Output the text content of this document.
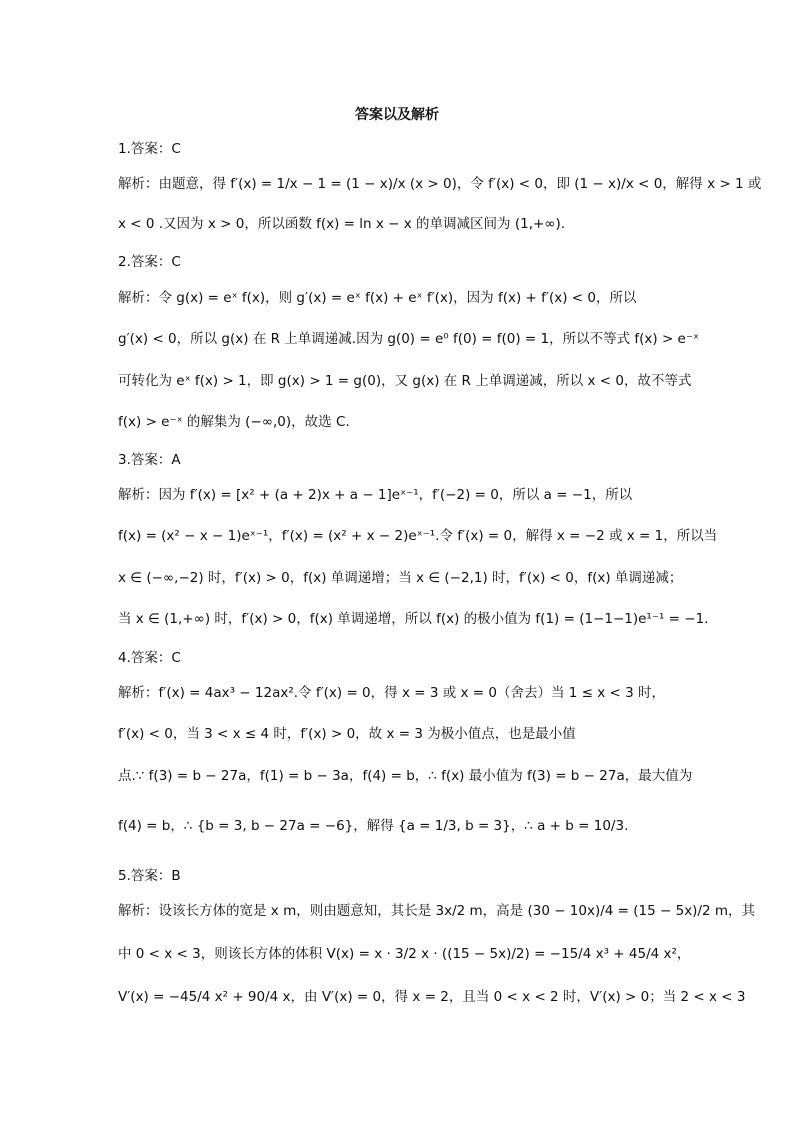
答案以及解析
1.答案：C
解析：由题意，得 f′(x) = 1/x − 1 = (1 − x)/x (x > 0)，令 f′(x) < 0，即 (1 − x)/x < 0，解得 x > 1 或
x < 0 .又因为 x > 0，所以函数 f(x) = ln x − x 的单调减区间为 (1,+∞).
2.答案：C
解析：令 g(x) = eˣ f(x)，则 g′(x) = eˣ f(x) + eˣ f′(x)，因为 f(x) + f′(x) < 0，所以
g′(x) < 0，所以 g(x) 在 R 上单调递减.因为 g(0) = e⁰ f(0) = f(0) = 1，所以不等式 f(x) > e⁻ˣ
可转化为 eˣ f(x) > 1，即 g(x) > 1 = g(0)，又 g(x) 在 R 上单调递减，所以 x < 0，故不等式
f(x) > e⁻ˣ 的解集为 (−∞,0)，故选 C.
3.答案：A
解析：因为 f′(x) = [x² + (a + 2)x + a − 1]eˣ⁻¹，f′(−2) = 0，所以 a = −1，所以
f(x) = (x² − x − 1)eˣ⁻¹，f′(x) = (x² + x − 2)eˣ⁻¹.令 f′(x) = 0，解得 x = −2 或 x = 1，所以当
x ∈ (−∞,−2) 时，f′(x) > 0，f(x) 单调递增；当 x ∈ (−2,1) 时，f′(x) < 0，f(x) 单调递减；
当 x ∈ (1,+∞) 时，f′(x) > 0，f(x) 单调递增，所以 f(x) 的极小值为 f(1) = (1−1−1)e¹⁻¹ = −1.
4.答案：C
解析：f′(x) = 4ax³ − 12ax².令 f′(x) = 0，得 x = 3 或 x = 0（舍去）当 1 ≤ x < 3 时，
f′(x) < 0，当 3 < x ≤ 4 时，f′(x) > 0，故 x = 3 为极小值点，也是最小值
点.∵ f(3) = b − 27a，f(1) = b − 3a，f(4) = b，∴ f(x) 最小值为 f(3) = b − 27a，最大值为
f(4) = b，∴ {b = 3, b − 27a = −6}，解得 {a = 1/3, b = 3}，∴ a + b = 10/3.
5.答案：B
解析：设该长方体的宽是 x m，则由题意知，其长是 3x/2 m，高是 (30 − 10x)/4 = (15 − 5x)/2 m，其
中 0 < x < 3，则该长方体的体积 V(x) = x · 3/2 x · ((15 − 5x)/2) = −15/4 x³ + 45/4 x²，
V′(x) = −45/4 x² + 90/4 x，由 V′(x) = 0，得 x = 2，且当 0 < x < 2 时，V′(x) > 0；当 2 < x < 3
